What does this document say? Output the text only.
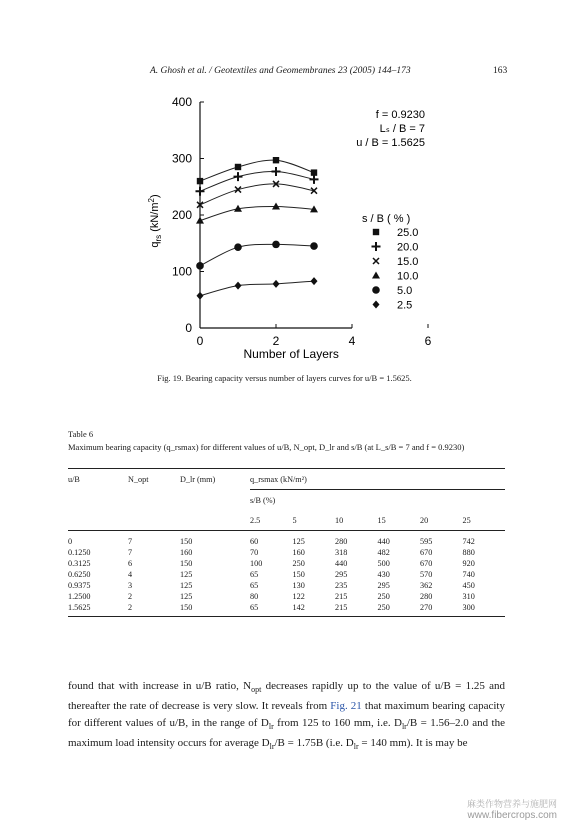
A. Ghosh et al. / Geotextiles and Geomembranes 23 (2005) 144–173	163
0	2	4	6
0
100
200
300
400
Number of Layers
$q_{rs}$ $(kN/m^2)$
f = 0.9230
Lₛ / B = 7
u / B = 1.5625
s / B ( % )
25.0
20.0
15.0
10.0
5.0
2.5
Fig. 19. Bearing capacity versus number of layers curves for u/B = 1.5625.
Table 6
Maximum bearing capacity (q_rsmax) for different values of u/B, N_opt, D_lr and s/B (at L_s/B = 7 and f = 0.9230)
u/B	N_opt	D_lr (mm)	q_rsmax (kN/m²)					
			s/B (%)					
			2.5	5	10	15	20	25

0	7	150	60	125	280	440	595	742
0.1250	7	160	70	160	318	482	670	880
0.3125	6	150	100	250	440	500	670	920
0.6250	4	125	65	150	295	430	570	740
0.9375	3	125	65	130	235	295	362	450
1.2500	2	125	80	122	215	250	280	310
1.5625	2	150	65	142	215	250	270	300
found that with increase in u/B ratio, $N_{opt}$ decreases rapidly up to the value of u/B = 1.25 and thereafter the rate of decrease is very slow. It reveals from Fig. 21 that maximum bearing capacity for different values of u/B, in the range of $D_{lr}$ from 125 to 160 mm, i.e. $D_{lr}/B = 1.56-2.0$ and the maximum load intensity occurs for average $D_{lr}/B = 1.75B$ (i.e. $D_{lr} = 140$ mm). It is may be
麻类作物营养与施肥网
www.fibercrops.com
